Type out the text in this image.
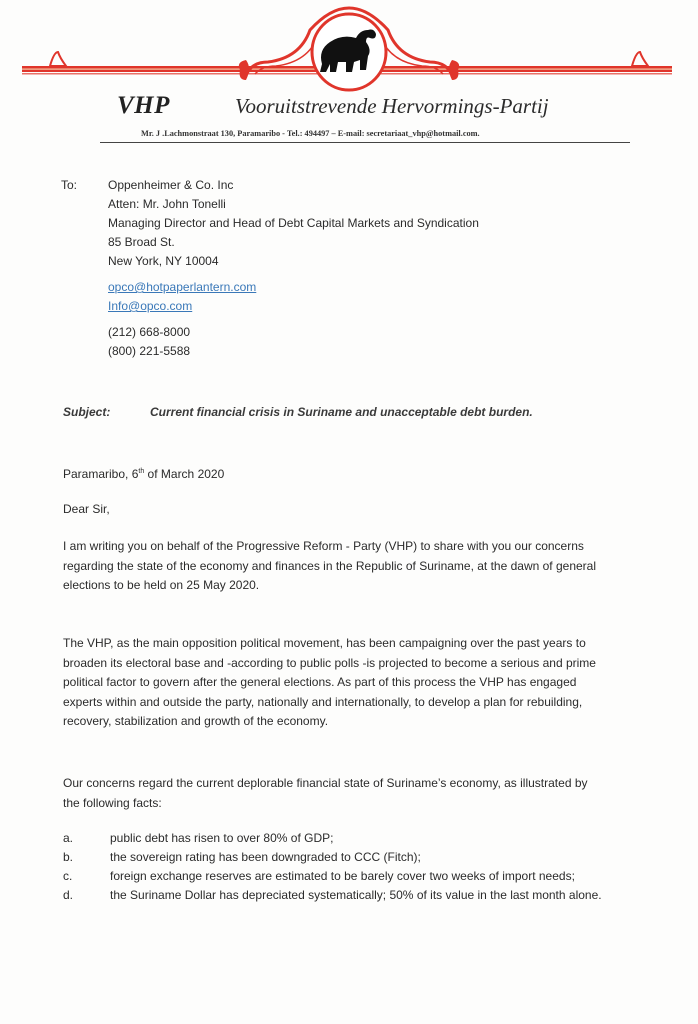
VHP	Vooruitstrevende Hervormings-Partij
Mr. J .Lachmonstraat 130, Paramaribo - Tel.: 494497 – E-mail: secretariaat_vhp@hotmail.com.
To:	Oppenheimer & Co. Inc
Atten: Mr. John Tonelli
Managing Director and Head of Debt Capital Markets and Syndication
85 Broad St.
New York, NY 10004
opco@hotpaperlantern.com
Info@opco.com
(212) 668-8000
(800) 221-5588
Subject:	Current financial crisis in Suriname and unacceptable debt burden.
Paramaribo, 6th of March 2020
Dear Sir,
I am writing you on behalf of the Progressive Reform - Party (VHP) to share with you our concerns
regarding the state of the economy and finances in the Republic of Suriname, at the dawn of general
elections to be held on 25 May 2020.
The VHP, as the main opposition political movement, has been campaigning over the past years to
broaden its electoral base and -according to public polls -is projected to become a serious and prime
political factor to govern after the general elections. As part of this process the VHP has engaged
experts within and outside the party, nationally and internationally, to develop a plan for rebuilding,
recovery, stabilization and growth of the economy.
Our concerns regard the current deplorable financial state of Suriname’s economy, as illustrated by
the following facts:
a.	public debt has risen to over 80% of GDP;
b.	the sovereign rating has been downgraded to CCC (Fitch);
c.	foreign exchange reserves are estimated to be barely cover two weeks of import needs;
d.	the Suriname Dollar has depreciated systematically; 50% of its value in the last month alone.
